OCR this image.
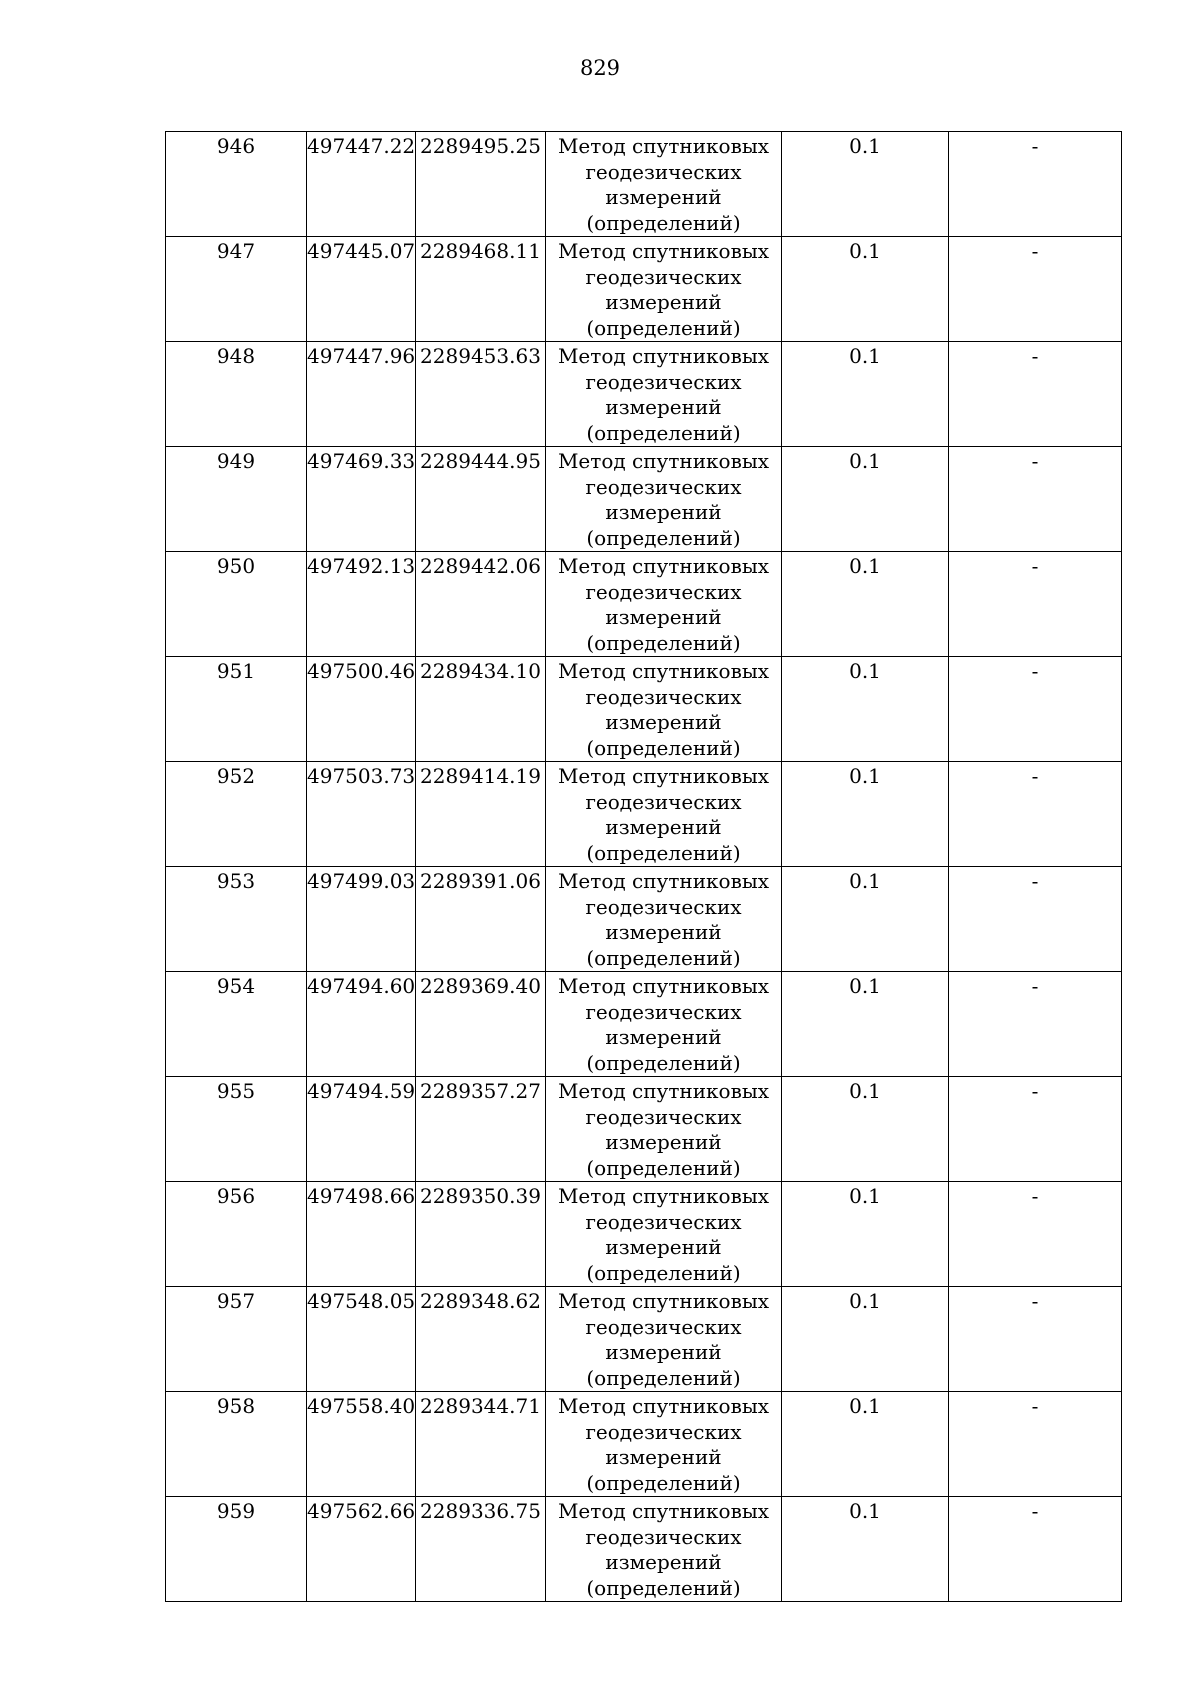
829
946	497447.22	2289495.25	Метод спутниковых геодезических измерений (определений)	0.1	-

947	497445.07	2289468.11	Метод спутниковых геодезических измерений (определений)	0.1	-

948	497447.96	2289453.63	Метод спутниковых геодезических измерений (определений)	0.1	-

949	497469.33	2289444.95	Метод спутниковых геодезических измерений (определений)	0.1	-

950	497492.13	2289442.06	Метод спутниковых геодезических измерений (определений)	0.1	-

951	497500.46	2289434.10	Метод спутниковых геодезических измерений (определений)	0.1	-

952	497503.73	2289414.19	Метод спутниковых геодезических измерений (определений)	0.1	-

953	497499.03	2289391.06	Метод спутниковых геодезических измерений (определений)	0.1	-

954	497494.60	2289369.40	Метод спутниковых геодезических измерений (определений)	0.1	-

955	497494.59	2289357.27	Метод спутниковых геодезических измерений (определений)	0.1	-

956	497498.66	2289350.39	Метод спутниковых геодезических измерений (определений)	0.1	-

957	497548.05	2289348.62	Метод спутниковых геодезических измерений (определений)	0.1	-

958	497558.40	2289344.71	Метод спутниковых геодезических измерений (определений)	0.1	-

959	497562.66	2289336.75	Метод спутниковых геодезических измерений (определений)	0.1	-
